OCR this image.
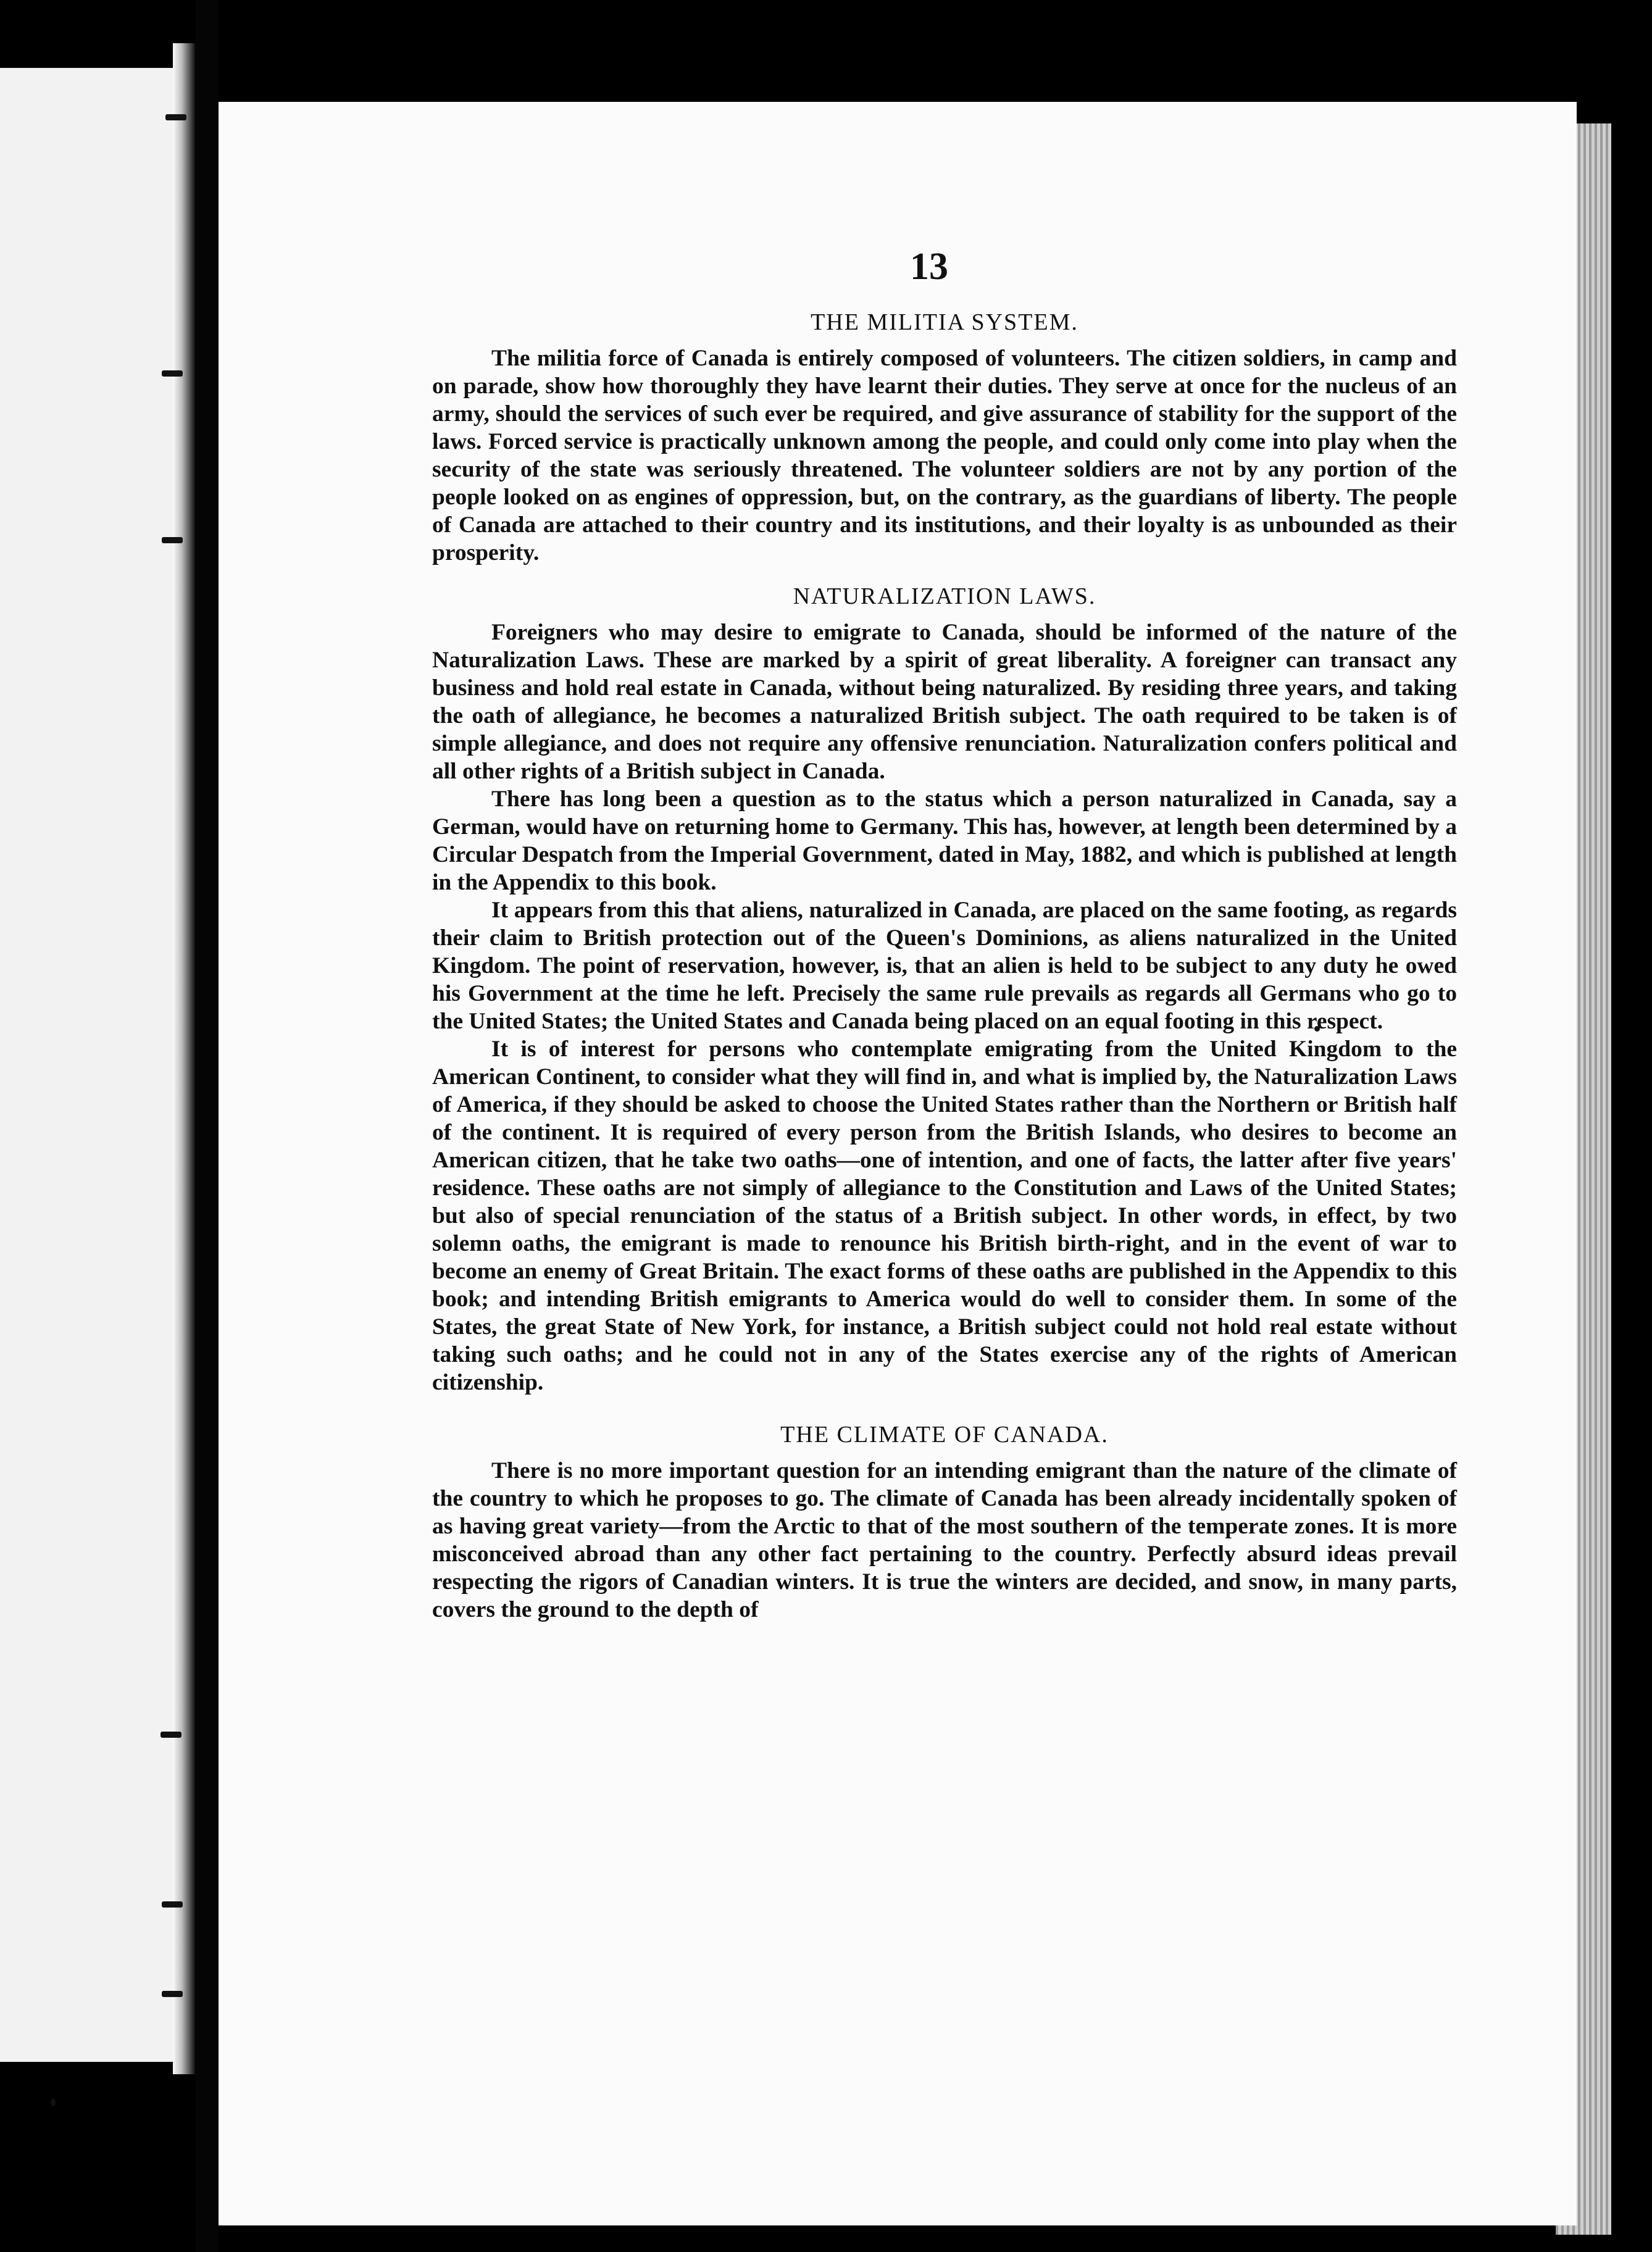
13
THE MILITIA SYSTEM.

The militia force of Canada is entirely composed of volunteers. The citizen soldiers, in camp and on parade, show how thoroughly they have learnt their duties. They serve at once for the nucleus of an army, should the services of such ever be required, and give assurance of stability for the support of the laws. Forced service is practically unknown among the people, and could only come into play when the security of the state was seriously threatened. The volunteer soldiers are not by any portion of the people looked on as engines of oppression, but, on the contrary, as the guardians of liberty. The people of Canada are attached to their country and its institutions, and their loyalty is as unbounded as their prosperity.

NATURALIZATION LAWS.

Foreigners who may desire to emigrate to Canada, should be informed of the nature of the Naturalization Laws. These are marked by a spirit of great liberality. A foreigner can transact any business and hold real estate in Canada, without being naturalized. By residing three years, and taking the oath of allegiance, he becomes a naturalized British subject. The oath required to be taken is of simple allegiance, and does not require any offensive renunciation. Naturalization confers political and all other rights of a British subject in Canada.

There has long been a question as to the status which a person naturalized in Canada, say a German, would have on returning home to Germany. This has, however, at length been determined by a Circular Despatch from the Imperial Government, dated in May, 1882, and which is published at length in the Appendix to this book.

It appears from this that aliens, naturalized in Canada, are placed on the same footing, as regards their claim to British protection out of the Queen's Dominions, as aliens naturalized in the United Kingdom. The point of reservation, however, is, that an alien is held to be subject to any duty he owed his Government at the time he left. Precisely the same rule prevails as regards all Germans who go to the United States; the United States and Canada being placed on an equal footing in this respect.

It is of interest for persons who contemplate emigrating from the United Kingdom to the American Continent, to consider what they will find in, and what is implied by, the Naturalization Laws of America, if they should be asked to choose the United States rather than the Northern or British half of the continent. It is required of every person from the British Islands, who desires to become an American citizen, that he take two oaths—one of intention, and one of facts, the latter after five years' residence. These oaths are not simply of allegiance to the Constitution and Laws of the United States; but also of special renunciation of the status of a British subject. In other words, in effect, by two solemn oaths, the emigrant is made to renounce his British birth-right, and in the event of war to become an enemy of Great Britain. The exact forms of these oaths are published in the Appendix to this book; and intending British emigrants to America would do well to consider them. In some of the States, the great State of New York, for instance, a British subject could not hold real estate without taking such oaths; and he could not in any of the States exercise any of the rights of American citizenship.

THE CLIMATE OF CANADA.

There is no more important question for an intending emigrant than the nature of the climate of the country to which he proposes to go. The climate of Canada has been already incidentally spoken of as having great variety—from the Arctic to that of the most southern of the temperate zones. It is more misconceived abroad than any other fact pertaining to the country. Perfectly absurd ideas prevail respecting the rigors of Canadian winters. It is true the winters are decided, and snow, in many parts, covers the ground to the depth of
